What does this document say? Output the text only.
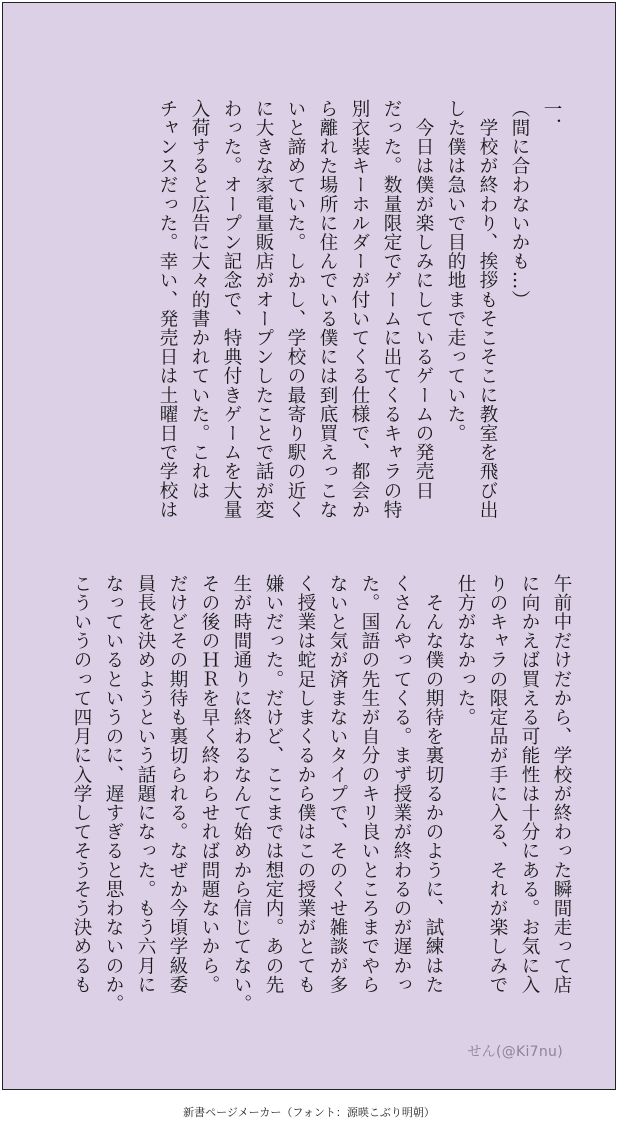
一．

（間に合わないかも…）

　学校が終わり、挨拶もそこそこに教室を飛び出

した僕は急いで目的地まで走っていた。

　今日は僕が楽しみにしているゲームの発売日

だった。数量限定でゲームに出てくるキャラの特

別衣装キーホルダーが付いてくる仕様で、都会か

ら離れた場所に住んでいる僕には到底買えっこな

いと諦めていた。しかし、学校の最寄り駅の近く

に大きな家電量販店がオープンしたことで話が変

わった。オープン記念で、特典付きゲームを大量

入荷すると広告に大々的書かれていた。これは

チャンスだった。幸い、発売日は土曜日で学校は

午前中だけだから、学校が終わった瞬間走って店

に向かえば買える可能性は十分にある。お気に入

りのキャラの限定品が手に入る、それが楽しみで

仕方がなかった。

　そんな僕の期待を裏切るかのように、試練はた

くさんやってくる。まず授業が終わるのが遅かっ

た。国語の先生が自分のキリ良いところまでやら

ないと気が済まないタイプで、そのくせ雑談が多

く授業は蛇足しまくるから僕はこの授業がとても

嫌いだった。だけど、ここまでは想定内。あの先

生が時間通りに終わるなんて始めから信じてない。

その後のＨＲを早く終わらせれば問題ないから。

だけどその期待も裏切られる。なぜか今頃学級委

員長を決めようという話題になった。もう六月に

なっているというのに、遅すぎると思わないのか。

こういうのって四月に入学してそうそう決めるも

せん(@Ki7nu)
新書ページメーカー（フォント：源暎こぶり明朝）
